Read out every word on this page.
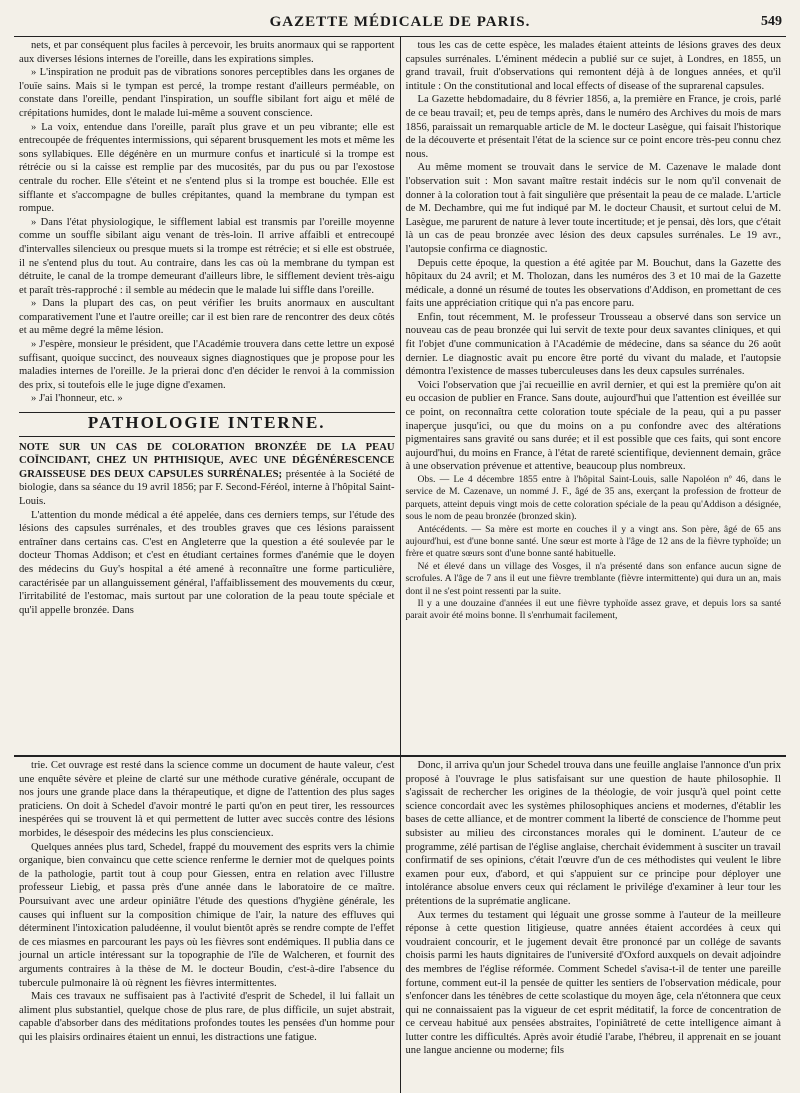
GAZETTE MÉDICALE DE PARIS.	549

nets, et par conséquent plus faciles à percevoir, les bruits anormaux qui se rapportent aux diverses lésions internes de l'oreille, dans les expirations simples.

» L'inspiration ne produit pas de vibrations sonores perceptibles dans les organes de l'ouïe sains. Mais si le tympan est percé, la trompe restant d'ailleurs perméable, on constate dans l'oreille, pendant l'inspiration, un souffle sibilant fort aigu et mêlé de crépitations humides, dont le malade lui-même a souvent conscience.

» La voix, entendue dans l'oreille, paraît plus grave et un peu vibrante; elle est entrecoupée de fréquentes intermissions, qui séparent brusquement les mots et même les sons syllabiques. Elle dégénère en un murmure confus et inarticulé si la trompe est rétrécie ou si la caisse est remplie par des mucosités, par du pus ou par l'exostose centrale du rocher. Elle s'éteint et ne s'entend plus si la trompe est bouchée. Elle est sifflante et s'accompagne de bulles crépitantes, quand la membrane du tympan est rompue.

» Dans l'état physiologique, le sifflement labial est transmis par l'oreille moyenne comme un souffle sibilant aigu venant de très-loin. Il arrive affaibli et entrecoupé d'intervalles silencieux ou presque muets si la trompe est rétrécie; et si elle est obstruée, il ne s'entend plus du tout. Au contraire, dans les cas où la membrane du tympan est détruite, le canal de la trompe demeurant d'ailleurs libre, le sifflement devient très-aigu et paraît très-rapproché : il semble au médecin que le malade lui siffle dans l'oreille.

» Dans la plupart des cas, on peut vérifier les bruits anormaux en auscultant comparativement l'une et l'autre oreille; car il est bien rare de rencontrer des deux côtés et au même degré la même lésion.

» J'espère, monsieur le président, que l'Académie trouvera dans cette lettre un exposé suffisant, quoique succinct, des nouveaux signes diagnostiques que je propose pour les maladies internes de l'oreille. Je la prierai donc d'en décider le renvoi à la commission des prix, si toutefois elle le juge digne d'examen.

» J'ai l'honneur, etc. »

PATHOLOGIE INTERNE.

NOTE SUR UN CAS DE COLORATION BRONZÉE DE LA PEAU COÏNCIDANT, CHEZ UN PHTHISIQUE, AVEC UNE DÉGÉNÉRESCENCE GRAISSEUSE DES DEUX CAPSULES SURRÉNALES; présentée à la Société de biologie, dans sa séance du 19 avril 1856; par F. Second-Féréol, interne à l'hôpital Saint-Louis.

L'attention du monde médical a été appelée, dans ces derniers temps, sur l'étude des lésions des capsules surrénales, et des troubles graves que ces lésions paraissent entraîner dans certains cas. C'est en Angleterre que la question a été soulevée par le docteur Thomas Addison; et c'est en étudiant certaines formes d'anémie que le doyen des médecins du Guy's hospital a été amené à reconnaître une forme particulière, caractérisée par un allanguissement général, l'affaiblissement des mouvements du cœur, l'irritabilité de l'estomac, mais surtout par une coloration de la peau toute spéciale et qu'il appelle bronzée. Dans

tous les cas de cette espèce, les malades étaient atteints de lésions graves des deux capsules surrénales. L'éminent médecin a publié sur ce sujet, à Londres, en 1855, un grand travail, fruit d'observations qui remontent déjà à de longues années, et qu'il intitule : On the constitutional and local effects of disease of the suprarenal capsules.

La Gazette hebdomadaire, du 8 février 1856, a, la première en France, je crois, parlé de ce beau travail; et, peu de temps après, dans le numéro des Archives du mois de mars 1856, paraissait un remarquable article de M. le docteur Lasègue, qui faisait l'historique de la découverte et présentait l'état de la science sur ce point encore très-peu connu chez nous.

Au même moment se trouvait dans le service de M. Cazenave le malade dont l'observation suit : Mon savant maître restait indécis sur le nom qu'il convenait de donner à la coloration tout à fait singulière que présentait la peau de ce malade. L'article de M. Dechambre, qui me fut indiqué par M. le docteur Chausit, et surtout celui de M. Lasègue, me parurent de nature à lever toute incertitude; et je pensai, dès lors, que c'était là un cas de peau bronzée avec lésion des deux capsules surrénales. Le 19 avr., l'autopsie confirma ce diagnostic.

Depuis cette époque, la question a été agitée par M. Bouchut, dans la Gazette des hôpitaux du 24 avril; et M. Tholozan, dans les numéros des 3 et 10 mai de la Gazette médicale, a donné un résumé de toutes les observations d'Addison, en promettant de ces faits une appréciation critique qui n'a pas encore paru.

Enfin, tout récemment, M. le professeur Trousseau a observé dans son service un nouveau cas de peau bronzée qui lui servit de texte pour deux savantes cliniques, et qui fit l'objet d'une communication à l'Académie de médecine, dans sa séance du 26 août dernier. Le diagnostic avait pu encore être porté du vivant du malade, et l'autopsie démontra l'existence de masses tuberculeuses dans les deux capsules surrénales.

Voici l'observation que j'ai recueillie en avril dernier, et qui est la première qu'on ait eu occasion de publier en France. Sans doute, aujourd'hui que l'attention est éveillée sur ce point, on reconnaîtra cette coloration toute spéciale de la peau, qui a pu passer inaperçue jusqu'ici, ou que du moins on a pu confondre avec des altérations pigmentaires sans gravité ou sans durée; et il est possible que ces faits, qui sont encore aujourd'hui, du moins en France, à l'état de rareté scientifique, deviennent demain, grâce à une observation prévenue et attentive, beaucoup plus nombreux.

Obs. — Le 4 décembre 1855 entre à l'hôpital Saint-Louis, salle Napoléon nº 46, dans le service de M. Cazenave, un nommé J. F., âgé de 35 ans, exerçant la profession de frotteur de parquets, atteint depuis vingt mois de cette coloration spéciale de la peau qu'Addison a désignée, sous le nom de peau bronzée (bronzed skin).

Antécédents. — Sa mère est morte en couches il y a vingt ans. Son père, âgé de 65 ans aujourd'hui, est d'une bonne santé. Une sœur est morte à l'âge de 12 ans de la fièvre typhoïde; un frère et quatre sœurs sont d'une bonne santé habituelle.

Né et élevé dans un village des Vosges, il n'a présenté dans son enfance aucun signe de scrofules. A l'âge de 7 ans il eut une fièvre tremblante (fièvre intermittente) qui dura un an, mais dont il ne s'est point ressenti par la suite.

Il y a une douzaine d'années il eut une fièvre typhoïde assez grave, et depuis lors sa santé parait avoir été moins bonne. Il s'enrhumait facilement,

trie. Cet ouvrage est resté dans la science comme un document de haute valeur, c'est une enquête sévère et pleine de clarté sur une méthode curative générale, occupant de nos jours une grande place dans la thérapeutique, et digne de l'attention des plus sages praticiens. On doit à Schedel d'avoir montré le parti qu'on en peut tirer, les ressources inespérées qui se trouvent là et qui permettent de lutter avec succès contre des lésions morbides, le désespoir des médecins les plus consciencieux.

Quelques années plus tard, Schedel, frappé du mouvement des esprits vers la chimie organique, bien convaincu que cette science renferme le dernier mot de quelques points de la pathologie, partit tout à coup pour Giessen, entra en relation avec l'illustre professeur Liebig, et passa près d'une année dans le laboratoire de ce maître. Poursuivant avec une ardeur opiniâtre l'étude des questions d'hygiène générale, les causes qui influent sur la composition chimique de l'air, la nature des effluves qui déterminent l'intoxication paludéenne, il voulut bientôt après se rendre compte de l'effet de ces miasmes en parcourant les pays où les fièvres sont endémiques. Il publia dans ce journal un article intéressant sur la topographie de l'île de Walcheren, et fournit des arguments contraires à la thèse de M. le docteur Boudin, c'est-à-dire l'absence du tubercule pulmonaire là où règnent les fièvres intermittentes.

Mais ces travaux ne suffisaient pas à l'activité d'esprit de Schedel, il lui fallait un aliment plus substantiel, quelque chose de plus rare, de plus difficile, un sujet abstrait, capable d'absorber dans des méditations profondes toutes les pensées d'un homme pour qui les plaisirs ordinaires étaient un ennui, les distractions une fatigue.

Donc, il arriva qu'un jour Schedel trouva dans une feuille anglaise l'annonce d'un prix proposé à l'ouvrage le plus satisfaisant sur une question de haute philosophie. Il s'agissait de rechercher les origines de la théologie, de voir jusqu'à quel point cette science concordait avec les systèmes philosophiques anciens et modernes, d'établir les bases de cette alliance, et de montrer comment la liberté de conscience de l'homme peut subsister au milieu des circonstances morales qui le dominent. L'auteur de ce programme, zélé partisan de l'église anglaise, cherchait évidemment à susciter un travail confirmatif de ses opinions, c'était l'œuvre d'un de ces méthodistes qui veulent le libre examen pour eux, d'abord, et qui s'appuient sur ce principe pour déployer une intolérance absolue envers ceux qui réclament le privilége d'examiner à leur tour les prétentions de la suprématie anglicane.

Aux termes du testament qui léguait une grosse somme à l'auteur de la meilleure réponse à cette question litigieuse, quatre années étaient accordées à ceux qui voudraient concourir, et le jugement devait être prononcé par un collége de savants choisis parmi les hauts dignitaires de l'université d'Oxford auxquels on devait adjoindre des membres de l'église réformée. Comment Schedel s'avisa-t-il de tenter une pareille fortune, comment eut-il la pensée de quitter les sentiers de l'observation médicale, pour s'enfoncer dans les ténèbres de cette scolastique du moyen âge, cela n'étonnera que ceux qui ne connaissaient pas la vigueur de cet esprit méditatif, la force de concentration de ce cerveau habitué aux pensées abstraites, l'opiniâtreté de cette intelligence aimant à lutter contre les difficultés. Après avoir étudié l'arabe, l'hébreu, il apprenait en se jouant une langue ancienne ou moderne; fils
